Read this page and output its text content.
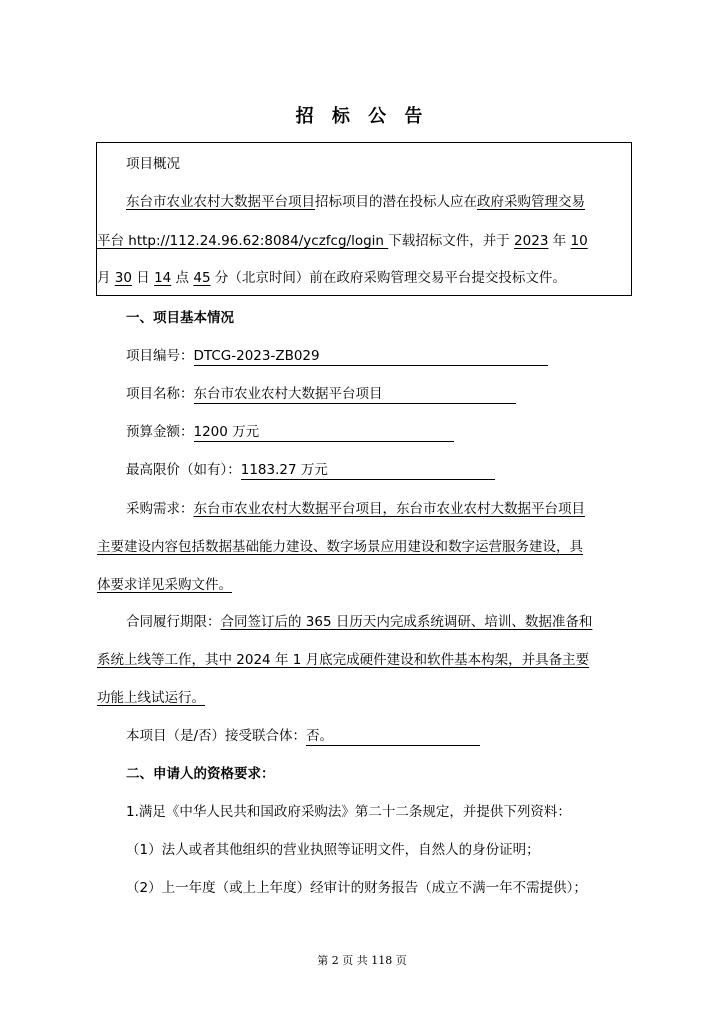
招 标 公 告
项目概况
东台市农业农村大数据平台项目招标项目的潜在投标人应在政府采购管理交易
平台 http://112.24.96.62:8084/yczfcg/login 下载招标文件，并于 2023 年 10
月 30 日 14 点 45 分（北京时间）前在政府采购管理交易平台提交投标文件。
一、项目基本情况
项目编号：DTCG-2023-ZB029
项目名称：东台市农业农村大数据平台项目
预算金额：1200 万元
最高限价（如有）：1183.27 万元
采购需求：东台市农业农村大数据平台项目，东台市农业农村大数据平台项目
主要建设内容包括数据基础能力建设、数字场景应用建设和数字运营服务建设，具
体要求详见采购文件。
合同履行期限：合同签订后的 365 日历天内完成系统调研、培训、数据准备和
系统上线等工作，其中 2024 年 1 月底完成硬件建设和软件基本构架，并具备主要
功能上线试运行。
本项目（是/否）接受联合体：否。
二、申请人的资格要求：
1.满足《中华人民共和国政府采购法》第二十二条规定，并提供下列资料：
（1）法人或者其他组织的营业执照等证明文件，自然人的身份证明；
（2）上一年度（或上上年度）经审计的财务报告（成立不满一年不需提供）；
第 2 页 共 118 页
